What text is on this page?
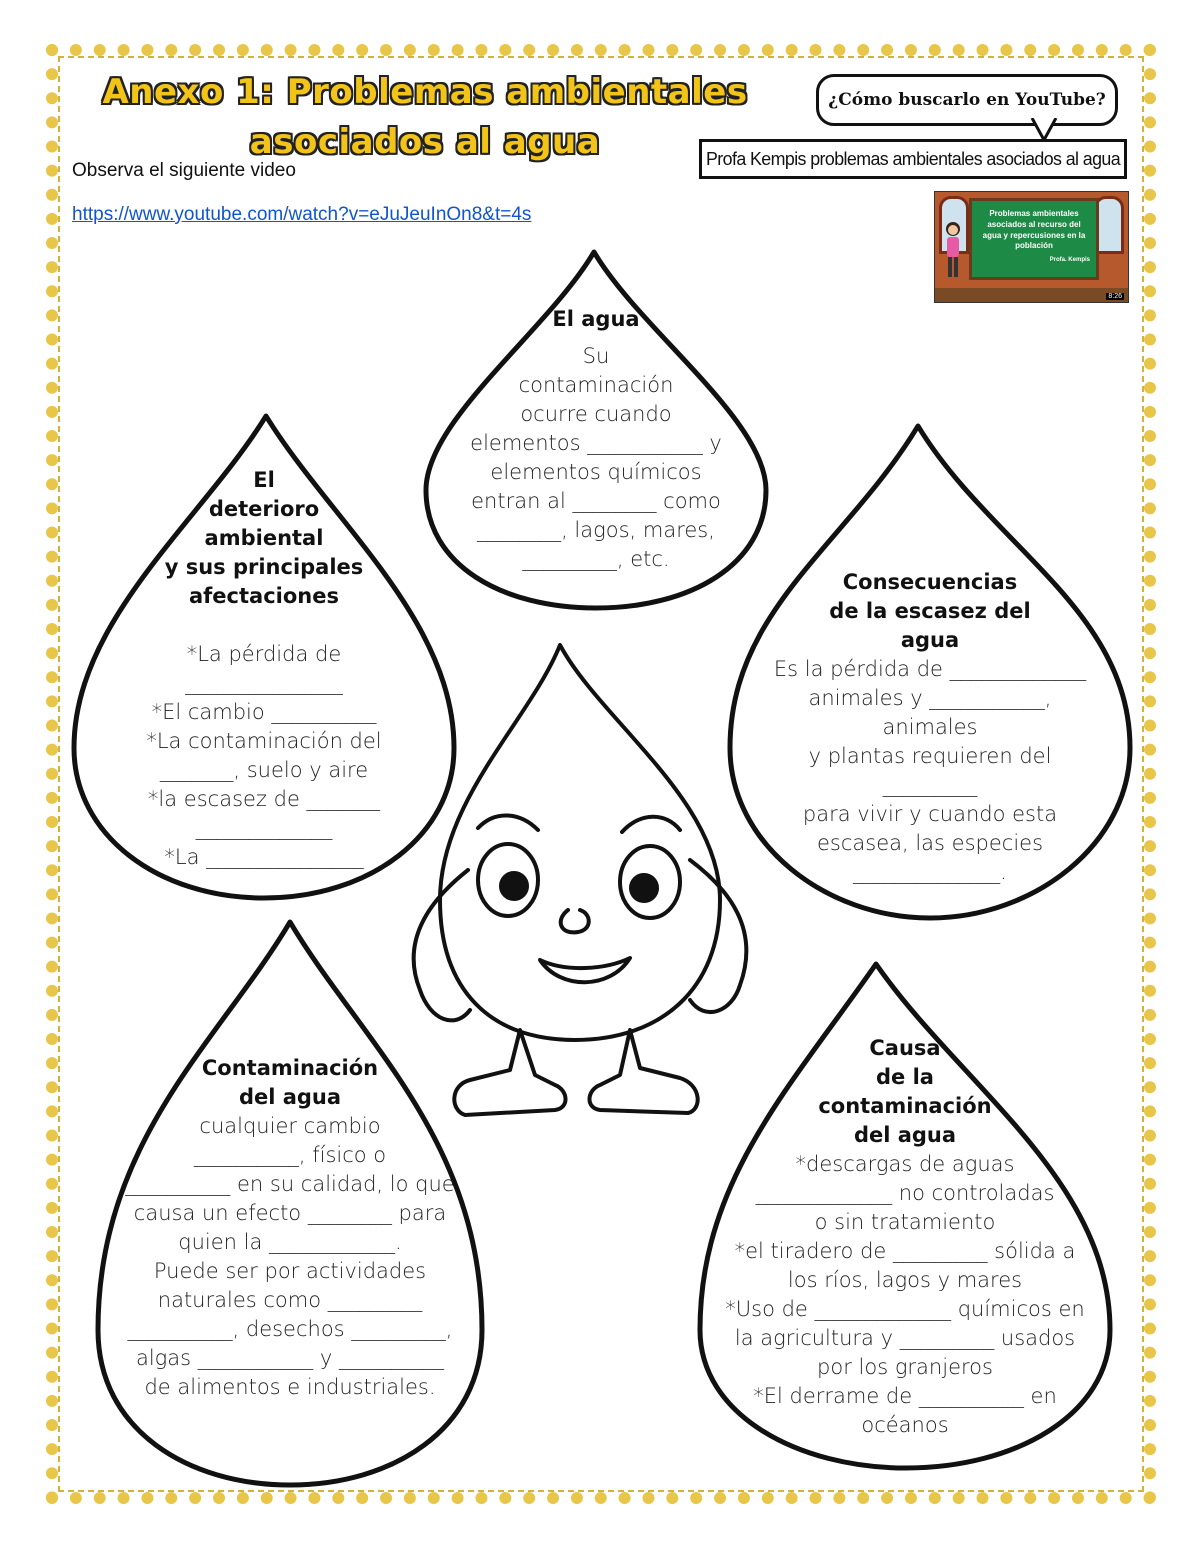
Anexo 1: Problemas ambientales
asociados al agua
Observa el siguiente video
https://www.youtube.com/watch?v=eJuJeuInOn8&t=4s
¿Cómo buscarlo en YouTube?
Profa Kempis problemas ambientales asociados al agua
Problemas ambientales asociados al recurso del agua y repercusiones en la población
Profa. Kempis
8:26
El agua
Su
contaminación
ocurre cuando
elementos ___________ y
elementos químicos
entran al ________ como
________, lagos, mares,
_________, etc.
El
deterioro
ambiental
y sus principales
afectaciones
*La pérdida de
_______________
*El cambio __________
*La contaminación del
_______, suelo y aire
*la escasez de _______
_____________
*La _______________
Consecuencias
de la escasez del
agua
Es la pérdida de _____________
animales y ___________,
animales
y plantas requieren del
_________
para vivir y cuando esta
escasea, las especies
______________.
Contaminación
del agua
cualquier cambio
__________, físico o
__________ en su calidad, lo que
causa un efecto ________ para
quien la ____________.
Puede ser por actividades
naturales como _________
__________, desechos _________,
algas ___________ y __________
de alimentos e industriales.
Causa
de la
contaminación
del agua
*descargas de aguas
_____________ no controladas
o sin tratamiento
*el tiradero de _________ sólida a
los ríos, lagos y mares
*Uso de _____________ químicos en
la agricultura y _________ usados
por los granjeros
*El derrame de __________ en
océanos
